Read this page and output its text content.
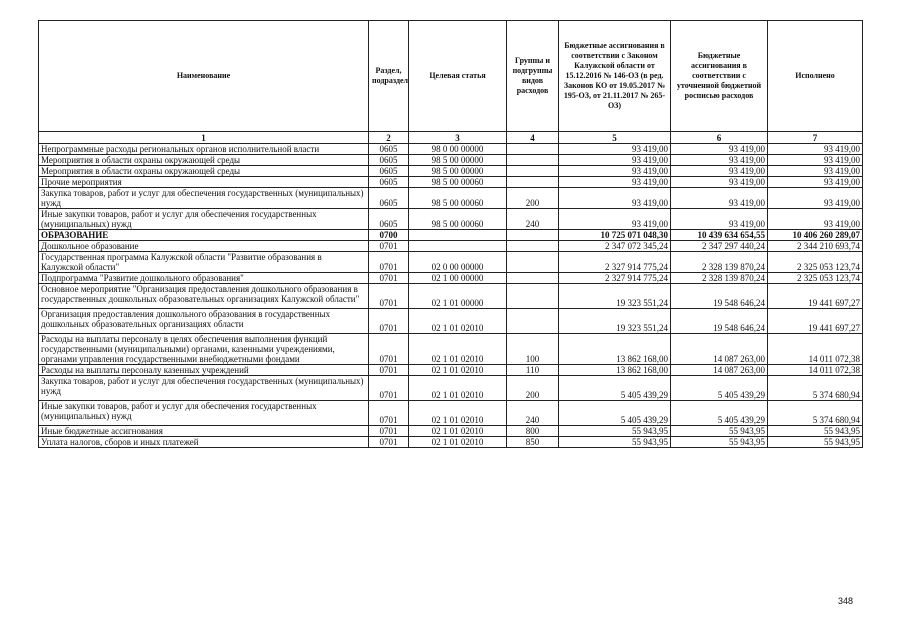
Наименование	Раздел, подраздел	Целевая статья	Группы и подгруппы видов расходов	Бюджетные ассигнования в соответствии с Законом Калужской области от 15.12.2016 № 146-ОЗ (в ред. Законов КО от 19.05.2017 № 195-ОЗ, от 21.11.2017 № 265-ОЗ)	Бюджетные ассигнования в соответствии с уточненной бюджетной росписью расходов	Исполнено
1	2	3	4	5	6	7
Непрограммные расходы региональных органов исполнительной власти	0605	98 0 00 00000		93 419,00	93 419,00	93 419,00
Мероприятия в области охраны окружающей среды	0605	98 5 00 00000		93 419,00	93 419,00	93 419,00
Мероприятия в области охраны окружающей среды	0605	98 5 00 00000		93 419,00	93 419,00	93 419,00
Прочие мероприятия	0605	98 5 00 00060		93 419,00	93 419,00	93 419,00
Закупка товаров, работ и услуг для обеспечения государственных (муниципальных) нужд	0605	98 5 00 00060	200	93 419,00	93 419,00	93 419,00
Иные закупки товаров, работ и услуг для обеспечения государственных (муниципальных) нужд	0605	98 5 00 00060	240	93 419,00	93 419,00	93 419,00
ОБРАЗОВАНИЕ	0700			10 725 071 048,30	10 439 634 654,55	10 406 260 289,07
Дошкольное образование	0701			2 347 072 345,24	2 347 297 440,24	2 344 210 693,74
Государственная программа Калужской области "Развитие образования в Калужской области"	0701	02 0 00 00000		2 327 914 775,24	2 328 139 870,24	2 325 053 123,74
Подпрограмма "Развитие дошкольного образования"	0701	02 1 00 00000		2 327 914 775,24	2 328 139 870,24	2 325 053 123,74
Основное мероприятие "Организация предоставления дошкольного образования в государственных дошкольных образовательных организациях Калужской области"	0701	02 1 01 00000		19 323 551,24	19 548 646,24	19 441 697,27
Организация предоставления дошкольного образования в государственных дошкольных образовательных организациях области	0701	02 1 01 02010		19 323 551,24	19 548 646,24	19 441 697,27
Расходы на выплаты персоналу в целях обеспечения выполнения функций государственными (муниципальными) органами, казенными учреждениями, органами управления государственными внебюджетными фондами	0701	02 1 01 02010	100	13 862 168,00	14 087 263,00	14 011 072,38
Расходы на выплаты персоналу казенных учреждений	0701	02 1 01 02010	110	13 862 168,00	14 087 263,00	14 011 072,38
Закупка товаров, работ и услуг для обеспечения государственных (муниципальных) нужд	0701	02 1 01 02010	200	5 405 439,29	5 405 439,29	5 374 680,94
Иные закупки товаров, работ и услуг для обеспечения государственных (муниципальных) нужд	0701	02 1 01 02010	240	5 405 439,29	5 405 439,29	5 374 680,94
Иные бюджетные ассигнования	0701	02 1 01 02010	800	55 943,95	55 943,95	55 943,95
Уплата налогов, сборов и иных платежей	0701	02 1 01 02010	850	55 943,95	55 943,95	55 943,95
348
